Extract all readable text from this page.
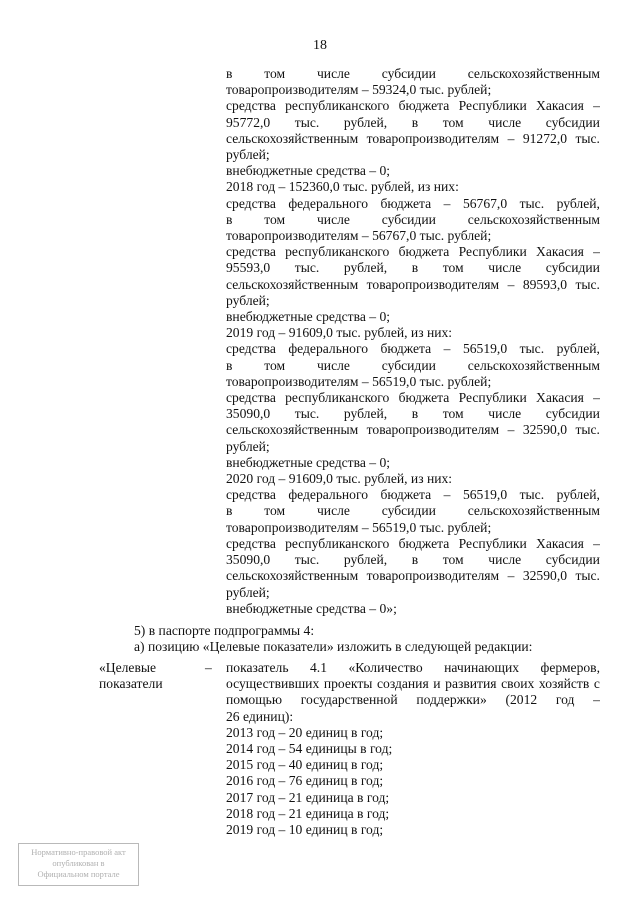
18
в том числе субсидии сельскохозяйственным
товаропроизводителям – 59324,0 тыс. рублей;
средства республиканского бюджета Республики Хакасия –
95772,0 тыс. рублей, в том числе субсидии
сельскохозяйственным товаропроизводителям – 91272,0 тыс.
рублей;
внебюджетные средства – 0;
2018 год – 152360,0 тыс. рублей, из них:
средства федерального бюджета – 56767,0 тыс. рублей,
в том числе субсидии сельскохозяйственным
товаропроизводителям – 56767,0 тыс. рублей;
средства республиканского бюджета Республики Хакасия –
95593,0 тыс. рублей, в том числе субсидии
сельскохозяйственным товаропроизводителям – 89593,0 тыс.
рублей;
внебюджетные средства – 0;
2019 год – 91609,0 тыс. рублей, из них:
средства федерального бюджета – 56519,0 тыс. рублей,
в том числе субсидии сельскохозяйственным
товаропроизводителям – 56519,0 тыс. рублей;
средства республиканского бюджета Республики Хакасия –
35090,0 тыс. рублей, в том числе субсидии
сельскохозяйственным товаропроизводителям – 32590,0 тыс.
рублей;
внебюджетные средства – 0;
2020 год – 91609,0 тыс. рублей, из них:
средства федерального бюджета – 56519,0 тыс. рублей,
в том числе субсидии сельскохозяйственным
товаропроизводителям – 56519,0 тыс. рублей;
средства республиканского бюджета Республики Хакасия –
35090,0 тыс. рублей, в том числе субсидии
сельскохозяйственным товаропроизводителям – 32590,0 тыс.
рублей;
внебюджетные средства – 0»;
5) в паспорте подпрограммы 4:
а) позицию «Целевые показатели» изложить в следующей редакции:
«Целевые
показатели
– показатель 4.1 «Количество начинающих фермеров,
осуществивших проекты создания и развития своих хозяйств с
помощью государственной поддержки» (2012 год –
26 единиц):
2013 год – 20 единиц в год;
2014 год – 54 единицы в год;
2015 год – 40 единиц в год;
2016 год – 76 единиц в год;
2017 год – 21 единица в год;
2018 год – 21 единица в год;
2019 год – 10 единиц в год;
Нормативно-правовой акт
опубликован в
Официальном портале
